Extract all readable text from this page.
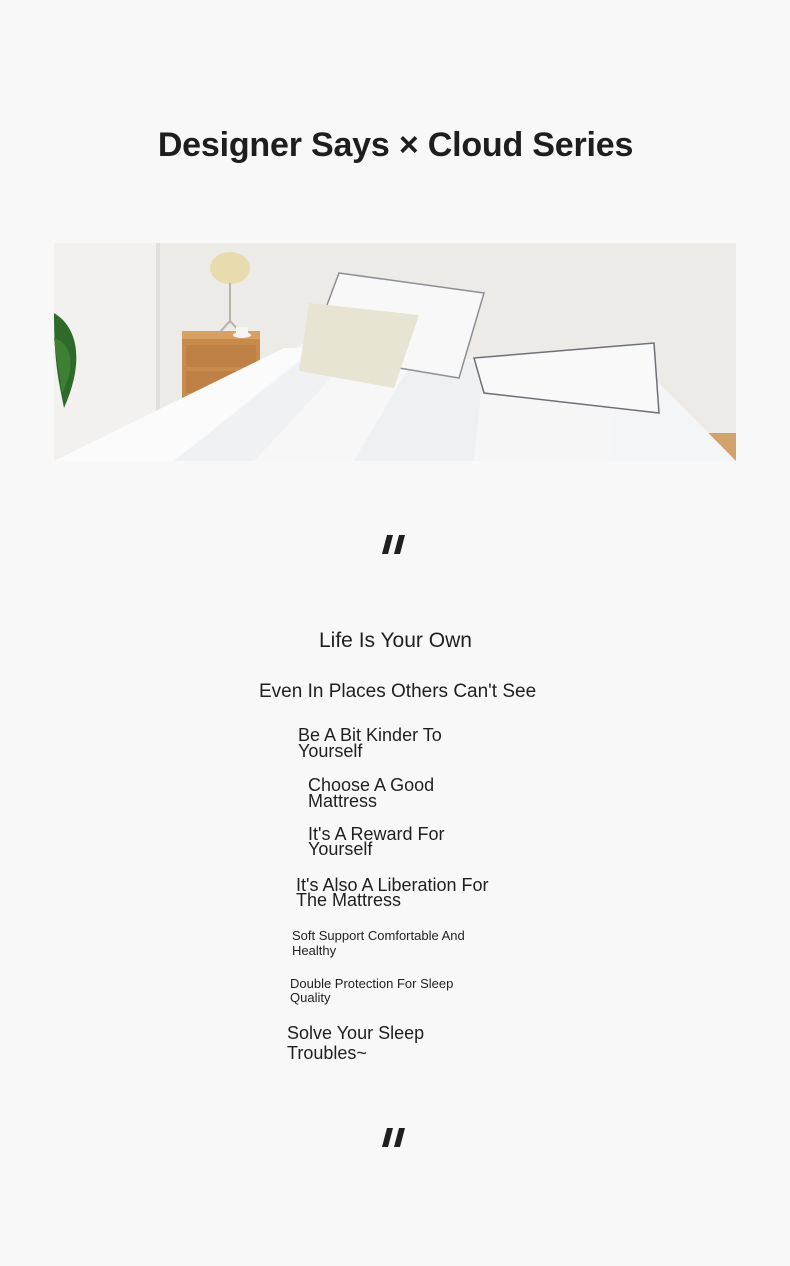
Designer Says × Cloud Series
Life Is Your Own
Even In Places Others Can't See
Be A Bit Kinder To Yourself
Choose A Good Mattress
It's A Reward For Yourself
It's Also A Liberation For The Mattress
Soft Support Comfortable And Healthy
Double Protection For Sleep Quality
Solve Your Sleep Troubles~
